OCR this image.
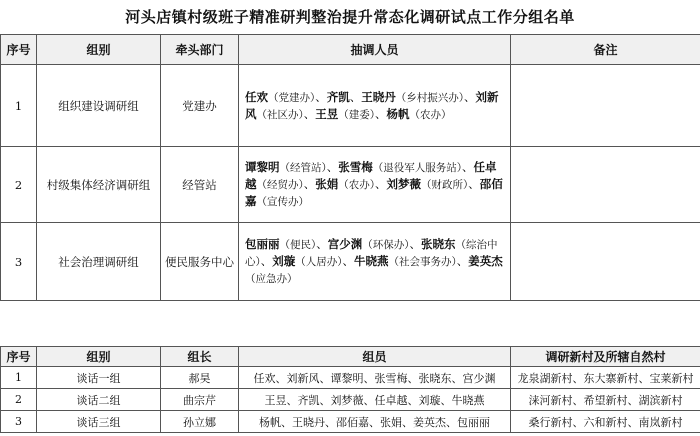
河头店镇村级班子精准研判整治提升常态化调研试点工作分组名单
序号	组别	牵头部门	抽调人员	备注
1	组织建设调研组	党建办	任欢（党建办）、齐凯、王晓丹（乡村振兴办）、刘新风（社区办）、王昱（建委）、杨帆（农办）	
2	村级集体经济调研组	经管站	谭黎明（经管站）、张雪梅（退役军人服务站）、任卓越（经贸办）、张娟（农办）、刘梦薇（财政所）、邵佰嘉（宣传办）	
3	社会治理调研组	便民服务中心	包丽丽（便民）、宫少渊（环保办）、张晓东（综治中心）、刘璇（人居办）、牛晓燕（社会事务办）、姜英杰（应急办）	
序号	组别	组长	组员	调研新村及所辖自然村
1	谈话一组	郝昊	任欢、刘新风、谭黎明、张雪梅、张晓东、宫少渊	龙泉湖新村、东大寨新村、宝莱新村
2	谈话二组	曲宗芹	王昱、齐凯、刘梦薇、任卓越、刘璇、牛晓燕	涞河新村、希望新村、湖滨新村
3	谈话三组	孙立娜	杨帆、王晓丹、邵佰嘉、张娟、姜英杰、包丽丽	桑行新村、六和新村、南岚新村
